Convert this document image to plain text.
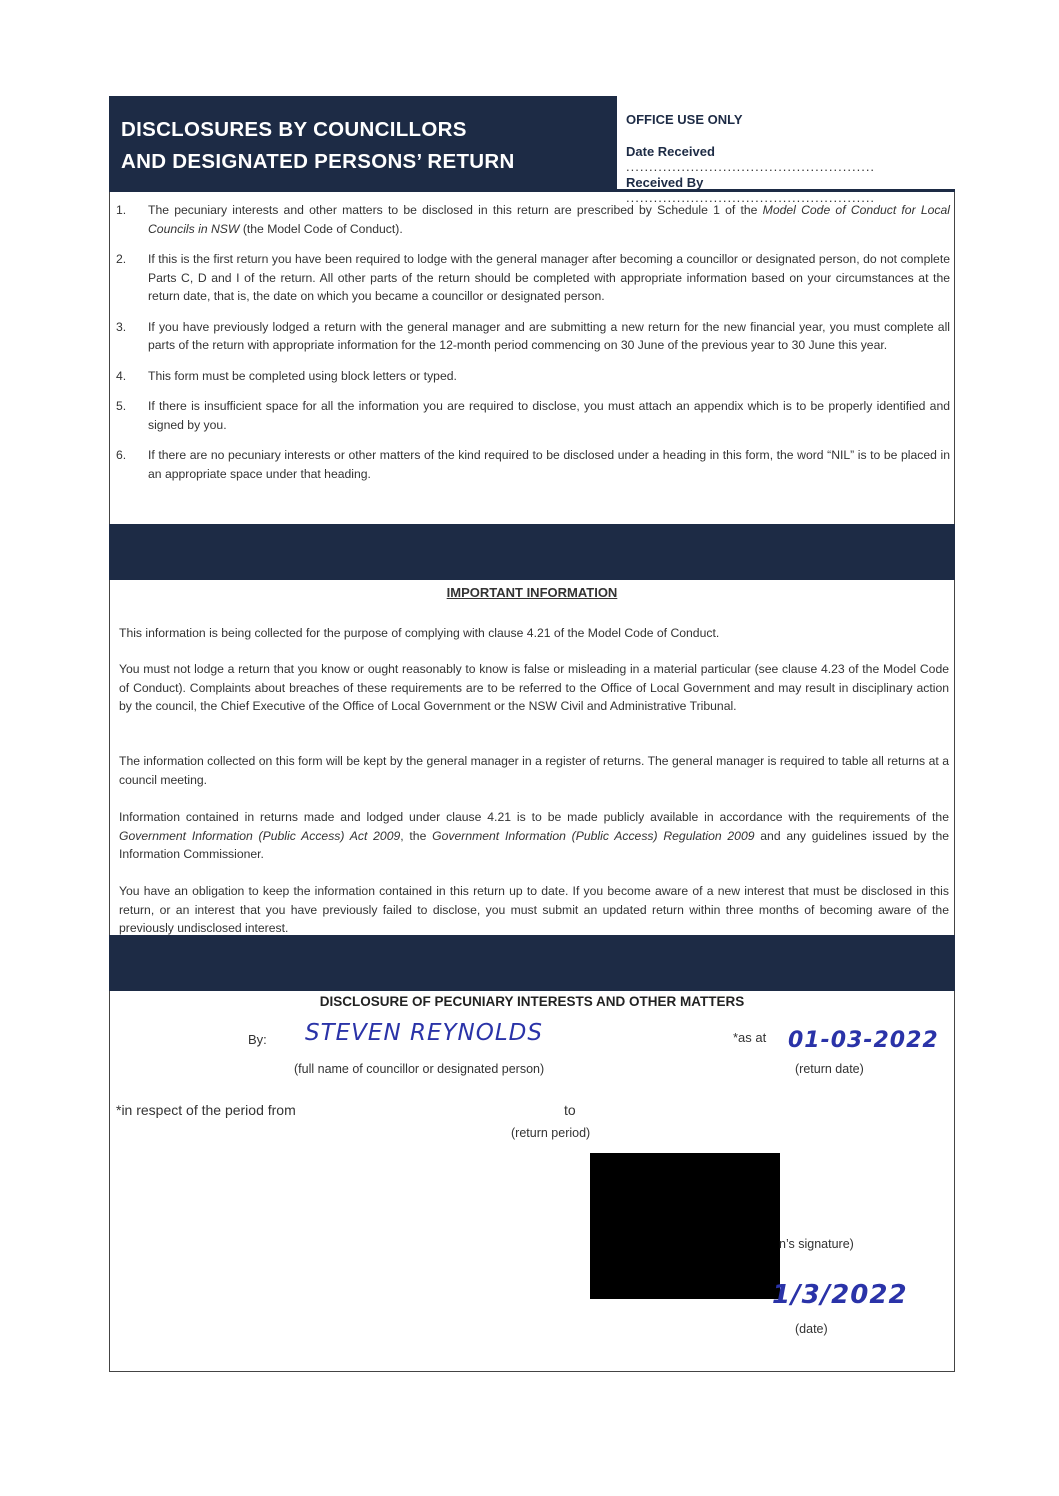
DISCLOSURES BY COUNCILLORS
AND DESIGNATED PERSONS’ RETURN
OFFICE USE ONLY
Date Received ......................................................
Received By ......................................................
1.	The pecuniary interests and other matters to be disclosed in this return are prescribed by Schedule 1 of the Model Code of Conduct for Local Councils in NSW (the Model Code of Conduct).
2.	If this is the first return you have been required to lodge with the general manager after becoming a councillor or designated person, do not complete Parts C, D and I of the return. All other parts of the return should be completed with appropriate information based on your circumstances at the return date, that is, the date on which you became a councillor or designated person.
3.	If you have previously lodged a return with the general manager and are submitting a new return for the new financial year, you must complete all parts of the return with appropriate information for the 12-month period commencing on 30 June of the previous year to 30 June this year.
4.	This form must be completed using block letters or typed.
5.	If there is insufficient space for all the information you are required to disclose, you must attach an appendix which is to be properly identified and signed by you.
6.	If there are no pecuniary interests or other matters of the kind required to be disclosed under a heading in this form, the word “NIL” is to be placed in an appropriate space under that heading.
IMPORTANT INFORMATION
This information is being collected for the purpose of complying with clause 4.21 of the Model Code of Conduct.
You must not lodge a return that you know or ought reasonably to know is false or misleading in a material particular (see clause 4.23 of the Model Code of Conduct). Complaints about breaches of these requirements are to be referred to the Office of Local Government and may result in disciplinary action by the council, the Chief Executive of the Office of Local Government or the NSW Civil and Administrative Tribunal.
The information collected on this form will be kept by the general manager in a register of returns. The general manager is required to table all returns at a council meeting.
Information contained in returns made and lodged under clause 4.21 is to be made publicly available in accordance with the requirements of the Government Information (Public Access) Act 2009, the Government Information (Public Access) Regulation 2009 and any guidelines issued by the Information Commissioner.
You have an obligation to keep the information contained in this return up to date. If you become aware of a new interest that must be disclosed in this return, or an interest that you have previously failed to disclose, you must submit an updated return within three months of becoming aware of the previously undisclosed interest.
DISCLOSURE OF PECUNIARY INTERESTS AND OTHER MATTERS
By: STEVEN REYNOLDS
(full name of councillor or designated person)
*as at 01-03-2022
(return date)
*in respect of the period from	to
(return period)
n’s signature)
1/3/2022
(date)
